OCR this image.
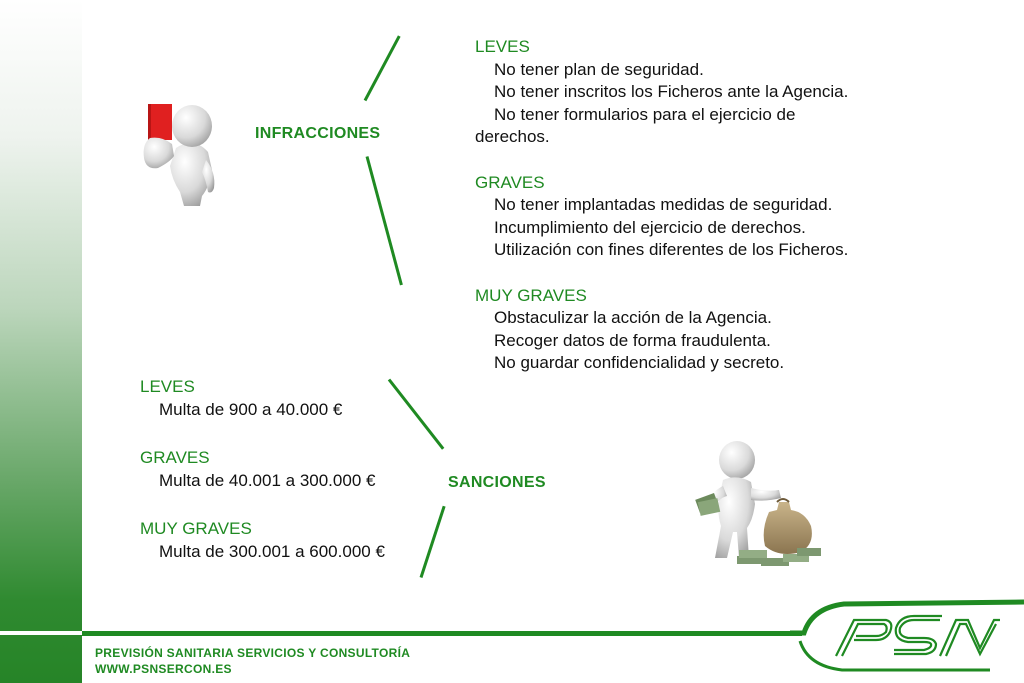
INFRACCIONES
SANCIONES
LEVES
No tener plan de seguridad.
No tener inscritos los Ficheros ante la Agencia.
No tener formularios para el ejercicio de derechos.
GRAVES
No tener implantadas medidas de seguridad.
Incumplimiento del ejercicio de derechos.
Utilización con fines diferentes de los Ficheros.
MUY GRAVES
Obstaculizar la acción de la Agencia.
Recoger datos de forma fraudulenta.
No guardar confidencialidad y secreto.
LEVES
Multa de 900 a 40.000 €
GRAVES
Multa de 40.001 a 300.000 €
MUY GRAVES
Multa de 300.001 a 600.000 €
PREVISIÓN SANITARIA SERVICIOS Y CONSULTORÍA
WWW.PSNSERCON.ES
